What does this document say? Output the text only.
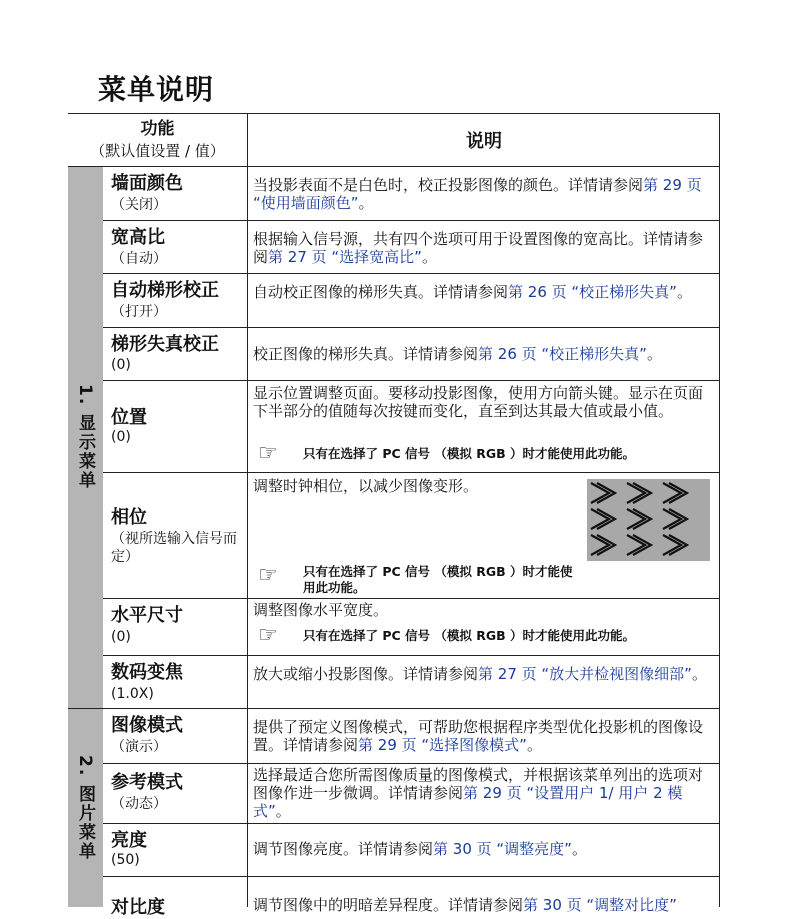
菜单说明
1. 显示菜单
2. 图片菜单
功能
（默认值设置 / 值）	说明
墙面颜色
（关闭）
当投影表面不是白色时，校正投影图像的颜色。详情请参阅第 29 页 “使用墙面颜色”。
宽高比
（自动）
根据输入信号源，共有四个选项可用于设置图像的宽高比。详情请参阅第 27 页 “选择宽高比”。
自动梯形校正
（打开）
自动校正图像的梯形失真。详情请参阅第 26 页 “校正梯形失真”。
梯形失真校正
(0)
校正图像的梯形失真。详情请参阅第 26 页 “校正梯形失真”。
位置
(0)
显示位置调整页面。要移动投影图像，使用方向箭头键。显示在页面下半部分的值随每次按键而变化，直至到达其最大值或最小值。
☞ 只有在选择了 PC 信号 （模拟 RGB ）时才能使用此功能。
相位
（视所选输入信号而定）
调整时钟相位，以减少图像变形。
☞ 只有在选择了 PC 信号 （模拟 RGB ）时才能使用此功能。
水平尺寸
(0)
调整图像水平宽度。
☞ 只有在选择了 PC 信号 （模拟 RGB ）时才能使用此功能。
数码变焦
(1.0X)
放大或缩小投影图像。详情请参阅第 27 页 “放大并检视图像细部”。
图像模式
（演示）
提供了预定义图像模式，可帮助您根据程序类型优化投影机的图像设置。详情请参阅第 29 页 “选择图像模式”。
参考模式
（动态）
选择最适合您所需图像质量的图像模式，并根据该菜单列出的选项对图像作进一步微调。详情请参阅第 29 页 “设置用户 1/ 用户 2 模式”。
亮度
(50)
调节图像亮度。详情请参阅第 30 页 “调整亮度”。
对比度	调节图像中的明暗差异程度。详情请参阅第 30 页 “调整对比度”
